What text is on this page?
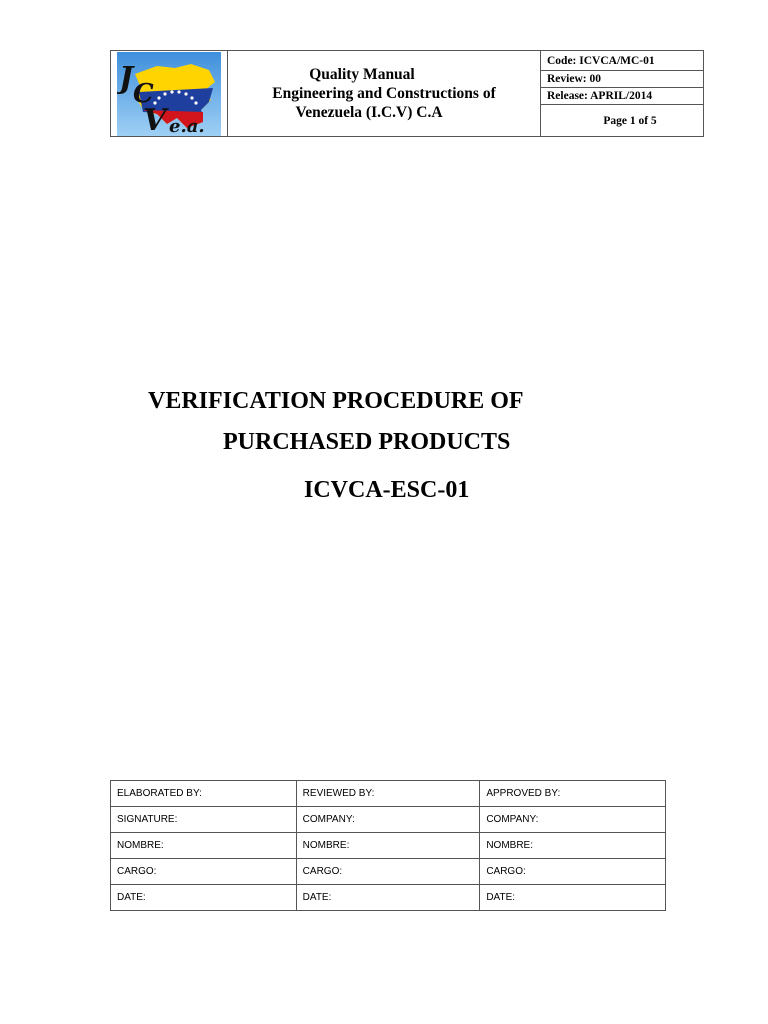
J C
V e.a.
Quality Manual
Engineering and Constructions of
Venezuela (I.C.V) C.A
Code: ICVCA/MC-01
Review: 00
Release: APRIL/2014
Page 1 of 5
VERIFICATION PROCEDURE OF
PURCHASED PRODUCTS
ICVCA-ESC-01
ELABORATED BY:	REVIEWED BY:	APPROVED BY:
SIGNATURE:	COMPANY:	COMPANY:
NOMBRE:	NOMBRE:	NOMBRE:
CARGO:	CARGO:	CARGO:
DATE:	DATE:	DATE:
